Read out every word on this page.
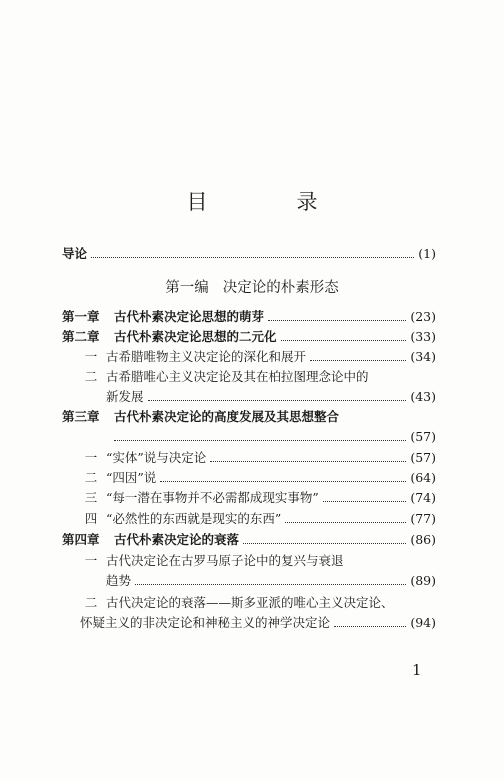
目　录
导论	(1)
第一编 决定论的朴素形态
第一章 古代朴素决定论思想的萌芽	(23)
第二章 古代朴素决定论思想的二元化	(33)
一 古希腊唯物主义决定论的深化和展开	(34)
二 古希腊唯心主义决定论及其在柏拉图理念论中的
新发展	(43)
第三章 古代朴素决定论的高度发展及其思想整合
(57)
一 “实体”说与决定论	(57)
二 “四因”说	(64)
三 “每一潜在事物并不必需都成现实事物”	(74)
四 “必然性的东西就是现实的东西”	(77)
第四章 古代朴素决定论的衰落	(86)
一 古代决定论在古罗马原子论中的复兴与衰退
趋势	(89)
二 古代决定论的衰落——斯多亚派的唯心主义决定论、
怀疑主义的非决定论和神秘主义的神学决定论	(94)
1
